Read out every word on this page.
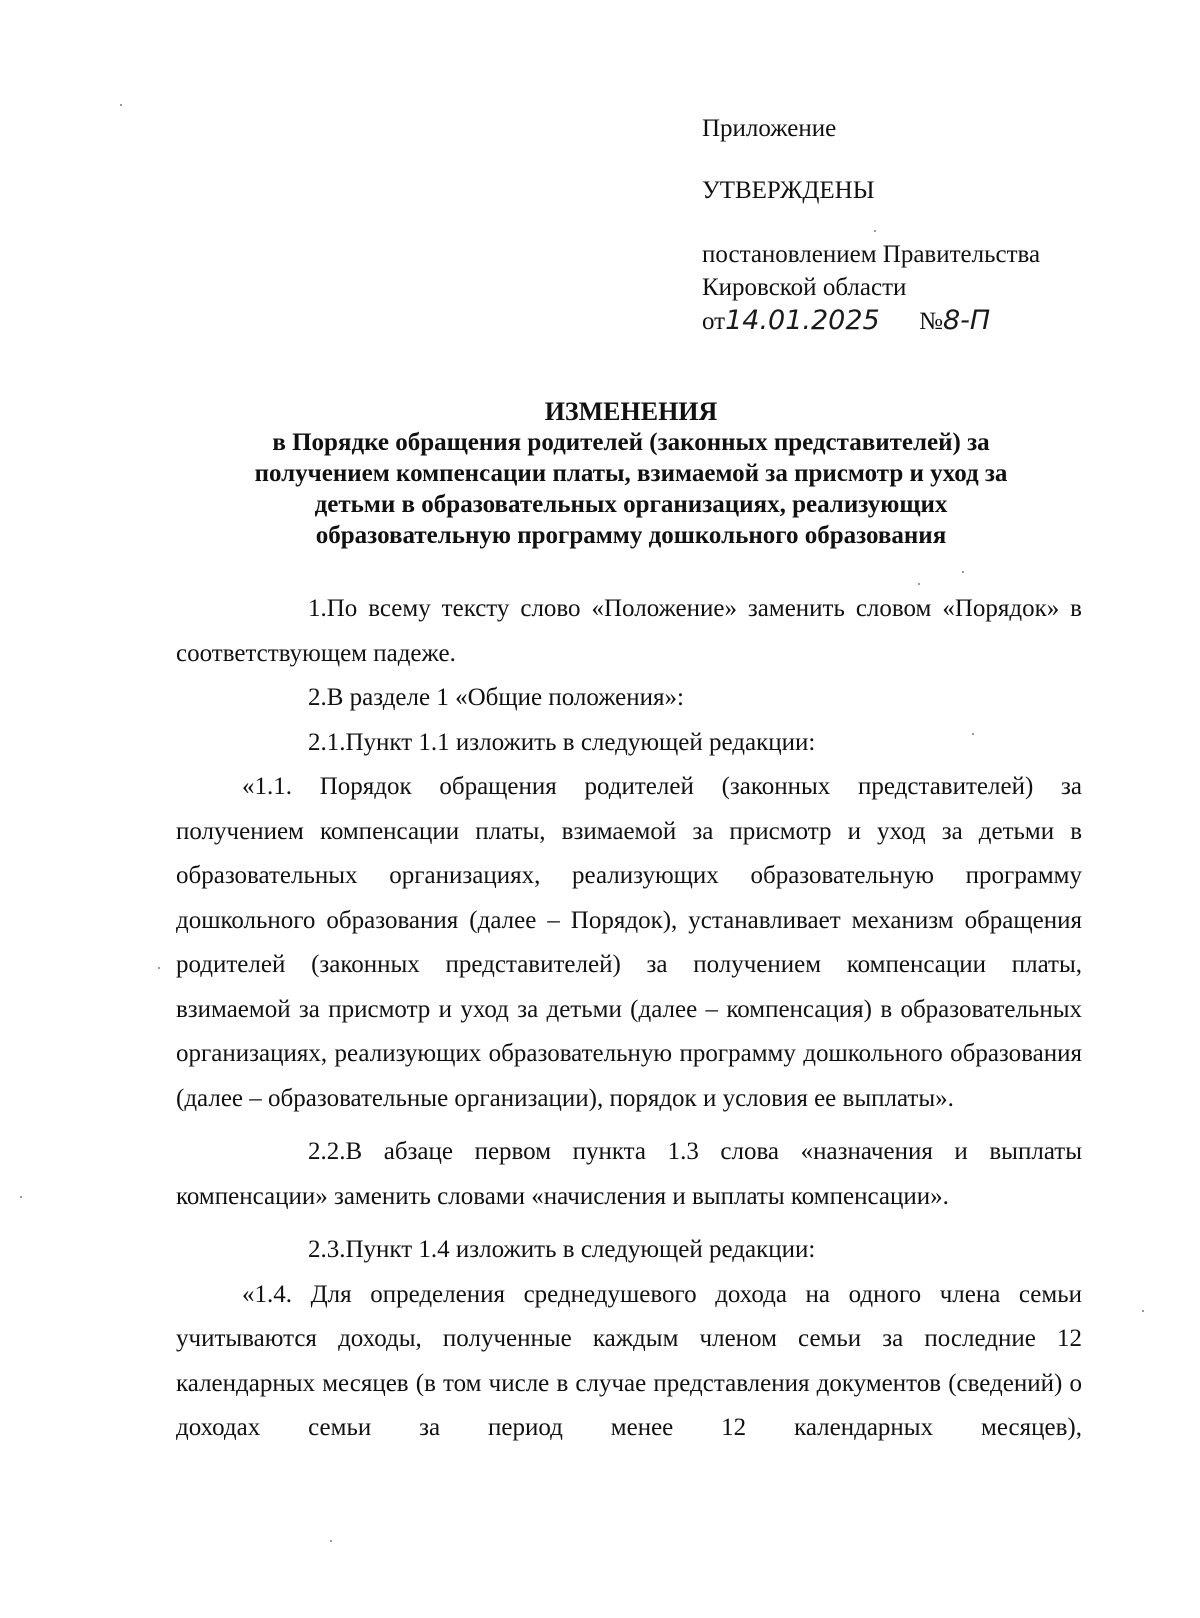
Приложение
УТВЕРЖДЕНЫ
постановлением Правительства
Кировской области
от14.01.2025 №8-П
ИЗМЕНЕНИЯ
в Порядке обращения родителей (законных представителей) за
получением компенсации платы, взимаемой за присмотр и уход за
детьми в образовательных организациях, реализующих
образовательную программу дошкольного образования

1.По всему тексту слово «Положение» заменить словом «Порядок» в соответствующем падеже.

2.В разделе 1 «Общие положения»:

2.1.Пункт 1.1 изложить в следующей редакции:

«1.1. Порядок обращения родителей (законных представителей) за получением компенсации платы, взимаемой за присмотр и уход за детьми в образовательных организациях, реализующих образовательную программу дошкольного образования (далее – Порядок), устанавливает механизм обращения родителей (законных представителей) за получением компенсации платы, взимаемой за присмотр и уход за детьми (далее – компенсация) в образовательных организациях, реализующих образовательную программу дошкольного образования (далее – образовательные организации), порядок и условия ее выплаты».

2.2.В абзаце первом пункта 1.3 слова «назначения и выплаты компенсации» заменить словами «начисления и выплаты компенсации».

2.3.Пункт 1.4 изложить в следующей редакции:

«1.4. Для определения среднедушевого дохода на одного члена семьи учитываются доходы, полученные каждым членом семьи за последние 12 календарных месяцев (в том числе в случае представления документов (сведений) о доходах семьи за период менее 12 календарных месяцев),
